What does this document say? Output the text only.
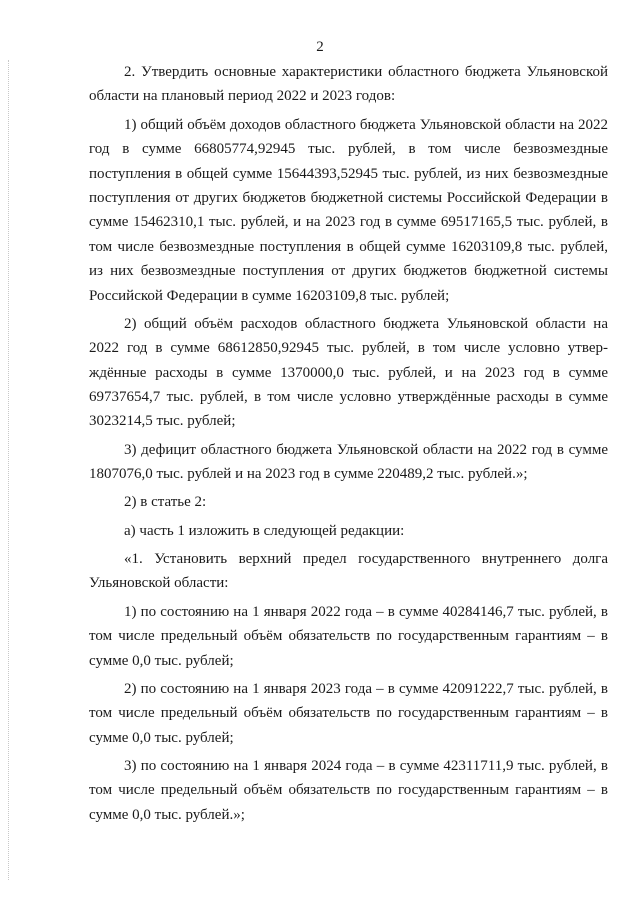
2

2. Утвердить основные характеристики областного бюджета Ульяновской области на плановый период 2022 и 2023 годов:

1) общий объём доходов областного бюджета Ульяновской области на 2022 год в сумме 66805774,92945 тыс. рублей, в том числе безвозмездные поступления в общей сумме 15644393,52945 тыс. рублей, из них безвозмездные поступления от других бюджетов бюджетной системы Российской Федерации в сумме 15462310,1 тыс. рублей, и на 2023 год в сумме 69517165,5 тыс. рублей, в том числе безвозмездные поступления в общей сумме 16203109,8 тыс. рублей, из них безвозмездные поступления от других бюджетов бюджетной системы Российской Федерации в сумме 16203109,8 тыс. рублей;

2) общий объём расходов областного бюджета Ульяновской области на 2022 год в сумме 68612850,92945 тыс. рублей, в том числе условно утверждённые расходы в сумме 1370000,0 тыс. рублей, и на 2023 год в сумме 69737654,7 тыс. рублей, в том числе условно утверждённые расходы в сумме 3023214,5 тыс. рублей;

3) дефицит областного бюджета Ульяновской области на 2022 год в сумме 1807076,0 тыс. рублей и на 2023 год в сумме 220489,2 тыс. рублей.»;

2) в статье 2:

а) часть 1 изложить в следующей редакции:

«1. Установить верхний предел государственного внутреннего долга Ульяновской области:

1) по состоянию на 1 января 2022 года – в сумме 40284146,7 тыс. рублей, в том числе предельный объём обязательств по государственным гарантиям – в сумме 0,0 тыс. рублей;

2) по состоянию на 1 января 2023 года – в сумме 42091222,7 тыс. рублей, в том числе предельный объём обязательств по государственным гарантиям – в сумме 0,0 тыс. рублей;

3) по состоянию на 1 января 2024 года – в сумме 42311711,9 тыс. рублей, в том числе предельный объём обязательств по государственным гарантиям – в сумме 0,0 тыс. рублей.»;
